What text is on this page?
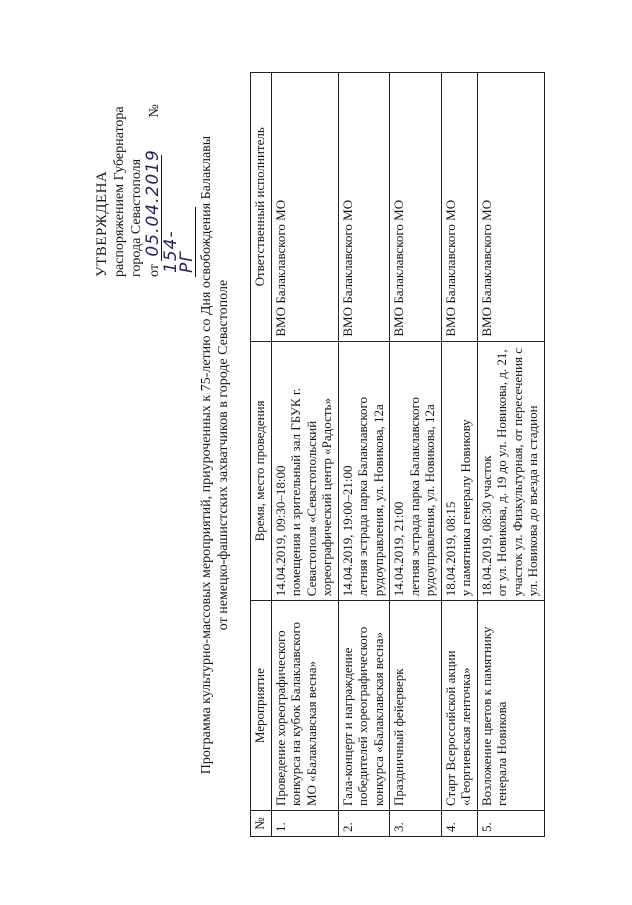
УТВЕРЖДЕНА распоряжением Губернатора города Севастополя от 05.04.2019  № 154-РГ Программа культурно-массовых мероприятий, приуроченных к 75-летию со Дня освобождения Балаклавы от немецко-фашистских захватчиков в городе Севастополе
№	Мероприятие	Время, место проведения	Ответственный исполнитель
1.	Проведение хореографического конкурса на кубок Балаклавского МО «Балаклавская весна»	14.04.2019, 09:30–18:00 помещения и зрительный зал ГБУК г. Севастополя «Севастопольский хореографический центр «Радость»	ВМО Балаклавского МО
2.	Гала-концерт и награждение победителей хореографического конкурса «Балаклавская весна»	14.04.2019, 19:00–21:00 летняя эстрада парка Балаклавского рудоуправления, ул. Новикова, 12а	ВМО Балаклавского МО
3.	Праздничный фейерверк	14.04.2019, 21:00 летняя эстрада парка Балаклавского рудоуправления, ул. Новикова, 12а	ВМО Балаклавского МО
4.	Старт Всероссийской акции «Георгиевская ленточка»	18.04.2019, 08:15 у памятника генералу Новикову	ВМО Балаклавского МО
5.	Возложение цветов к памятнику генерала Новикова	18.04.2019, 08:30 участок от ул. Новикова, д. 19 до ул. Новикова, д. 21, участок ул. Физкультурная, от пересечения с ул. Новикова до въезда на стадион	ВМО Балаклавского МО
